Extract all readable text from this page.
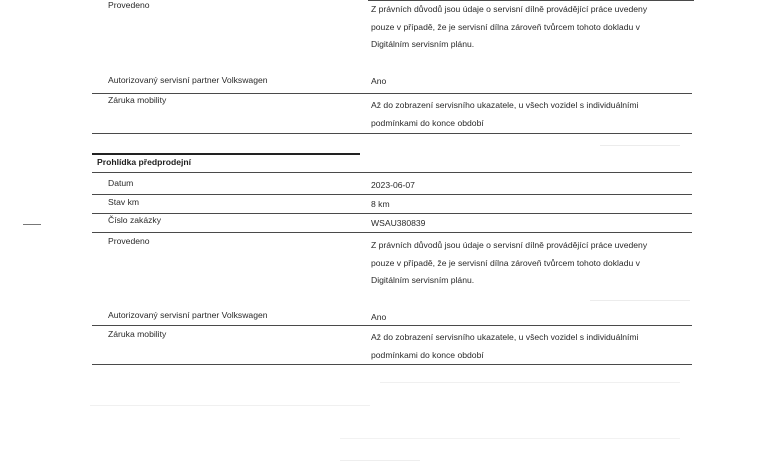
Provedeno	Z právních důvodů jsou údaje o servisní dílně provádějící práce uvedeny
pouze v případě, že je servisní dílna zároveň tvůrcem tohoto dokladu v
Digitálním servisním plánu.
Autorizovaný servisní partner Volkswagen	Ano
Záruka mobility	Až do zobrazení servisního ukazatele, u všech vozidel s individuálními
podmínkami do konce období
Prohlídka předprodejní
Datum	2023-06-07
Stav km	8 km
Číslo zakázky	WSAU380839
Provedeno	Z právních důvodů jsou údaje o servisní dílně provádějící práce uvedeny
pouze v případě, že je servisní dílna zároveň tvůrcem tohoto dokladu v
Digitálním servisním plánu.
Autorizovaný servisní partner Volkswagen	Ano
Záruka mobility	Až do zobrazení servisního ukazatele, u všech vozidel s individuálními
podmínkami do konce období
